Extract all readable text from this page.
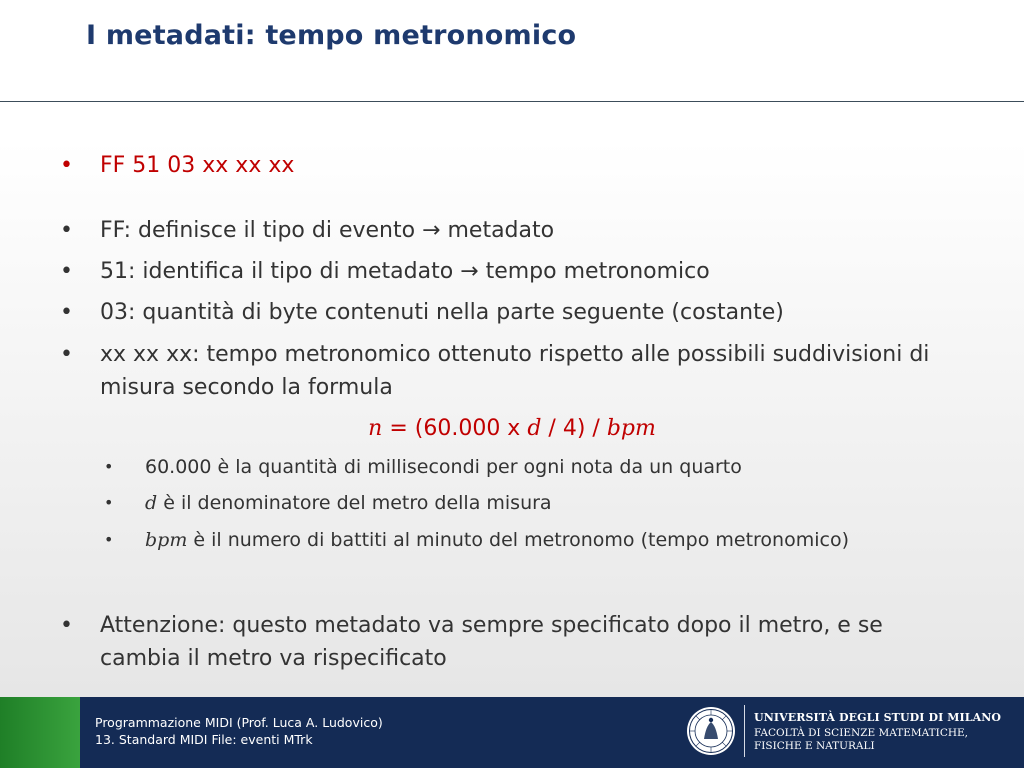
I metadati: tempo metronomico
• FF 51 03 xx xx xx
• FF: definisce il tipo di evento → metadato
• 51: identifica il tipo di metadato → tempo metronomico
• 03: quantità di byte contenuti nella parte seguente (costante)
• xx xx xx: tempo metronomico ottenuto rispetto alle possibili suddivisioni di misura secondo la formula
n = (60.000 x d / 4) / bpm
• 60.000 è la quantità di millisecondi per ogni nota da un quarto
• d è il denominatore del metro della misura
• bpm è il numero di battiti al minuto del metronomo (tempo metronomico)
• Attenzione: questo metadato va sempre specificato dopo il metro, e se cambia il metro va rispecificato
Programmazione MIDI (Prof. Luca A. Ludovico)
13. Standard MIDI File: eventi MTrk
UNIVERSITÀ DEGLI STUDI DI MILANO
FACOLTÀ DI SCIENZE MATEMATICHE,
FISICHE E NATURALI
